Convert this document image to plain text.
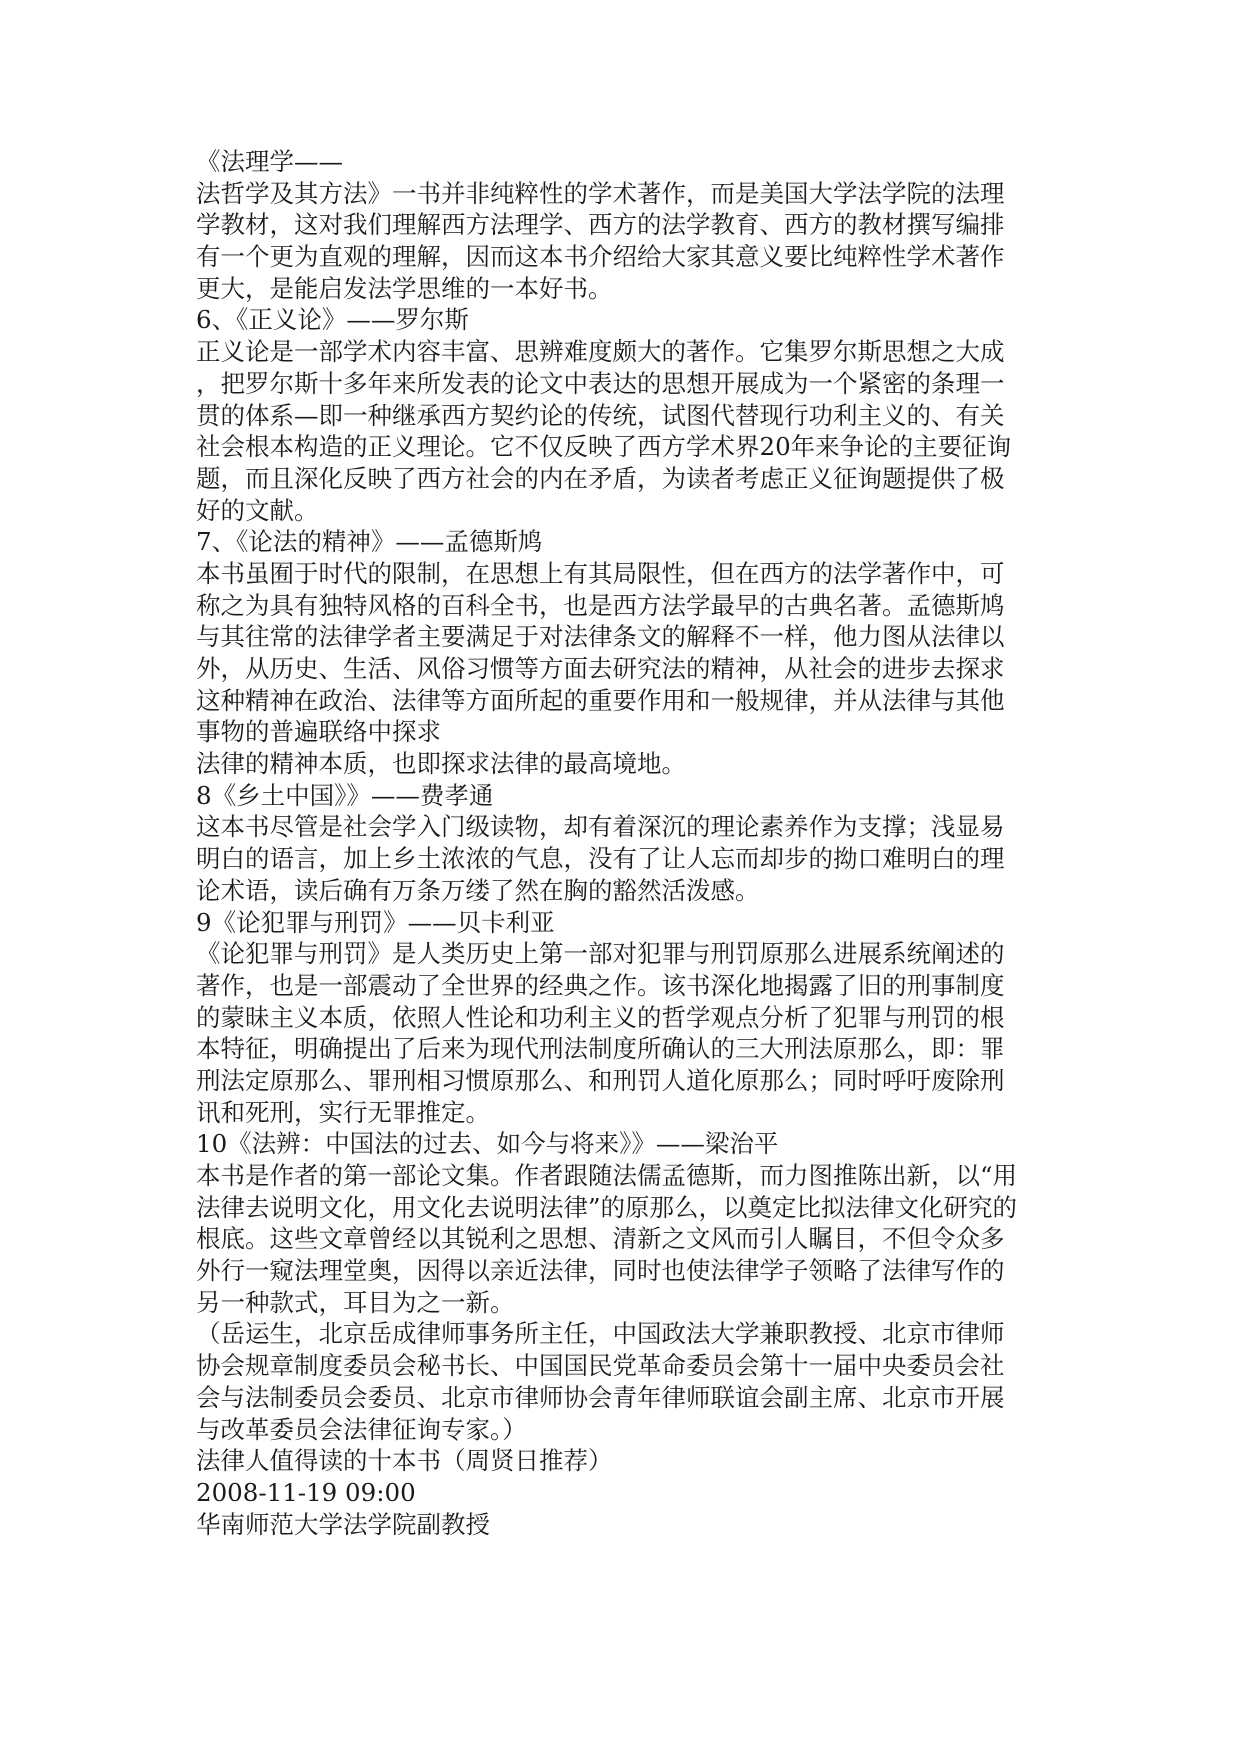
《法理学——
法哲学及其方法》一书并非纯粹性的学术著作，而是美国大学法学院的法理
学教材，这对我们理解西方法理学、西方的法学教育、西方的教材撰写编排
有一个更为直观的理解，因而这本书介绍给大家其意义要比纯粹性学术著作
更大，是能启发法学思维的一本好书。
6、《正义论》——罗尔斯
正义论是一部学术内容丰富、思辨难度颇大的著作。它集罗尔斯思想之大成
，把罗尔斯十多年来所发表的论文中表达的思想开展成为一个紧密的条理一
贯的体系—即一种继承西方契约论的传统，试图代替现行功利主义的、有关
社会根本构造的正义理论。它不仅反映了西方学术界20年来争论的主要征询
题，而且深化反映了西方社会的内在矛盾，为读者考虑正义征询题提供了极
好的文献。
7、《论法的精神》——孟德斯鸠
本书虽囿于时代的限制，在思想上有其局限性，但在西方的法学著作中，可
称之为具有独特风格的百科全书，也是西方法学最早的古典名著。孟德斯鸠
与其往常的法律学者主要满足于对法律条文的解释不一样，他力图从法律以
外，从历史、生活、风俗习惯等方面去研究法的精神，从社会的进步去探求
这种精神在政治、法律等方面所起的重要作用和一般规律，并从法律与其他
事物的普遍联络中探求
法律的精神本质，也即探求法律的最高境地。
8《乡土中国》》——费孝通
这本书尽管是社会学入门级读物，却有着深沉的理论素养作为支撑；浅显易
明白的语言，加上乡土浓浓的气息，没有了让人忘而却步的拗口难明白的理
论术语，读后确有万条万缕了然在胸的豁然活泼感。
9《论犯罪与刑罚》——贝卡利亚
《论犯罪与刑罚》是人类历史上第一部对犯罪与刑罚原那么进展系统阐述的
著作，也是一部震动了全世界的经典之作。该书深化地揭露了旧的刑事制度
的蒙昧主义本质，依照人性论和功利主义的哲学观点分析了犯罪与刑罚的根
本特征，明确提出了后来为现代刑法制度所确认的三大刑法原那么，即：罪
刑法定原那么、罪刑相习惯原那么、和刑罚人道化原那么；同时呼吁废除刑
讯和死刑，实行无罪推定。
10《法辨：中国法的过去、如今与将来》》——梁治平
本书是作者的第一部论文集。作者跟随法儒孟德斯，而力图推陈出新，以“用
法律去说明文化，用文化去说明法律”的原那么，以奠定比拟法律文化研究的
根底。这些文章曾经以其锐利之思想、清新之文风而引人瞩目，不但令众多
外行一窥法理堂奥，因得以亲近法律，同时也使法律学子领略了法律写作的
另一种款式，耳目为之一新。
（岳运生，北京岳成律师事务所主任，中国政法大学兼职教授、北京市律师
协会规章制度委员会秘书长、中国国民党革命委员会第十一届中央委员会社
会与法制委员会委员、北京市律师协会青年律师联谊会副主席、北京市开展
与改革委员会法律征询专家。）
法律人值得读的十本书（周贤日推荐）
2008-11-19 09:00
华南师范大学法学院副教授
